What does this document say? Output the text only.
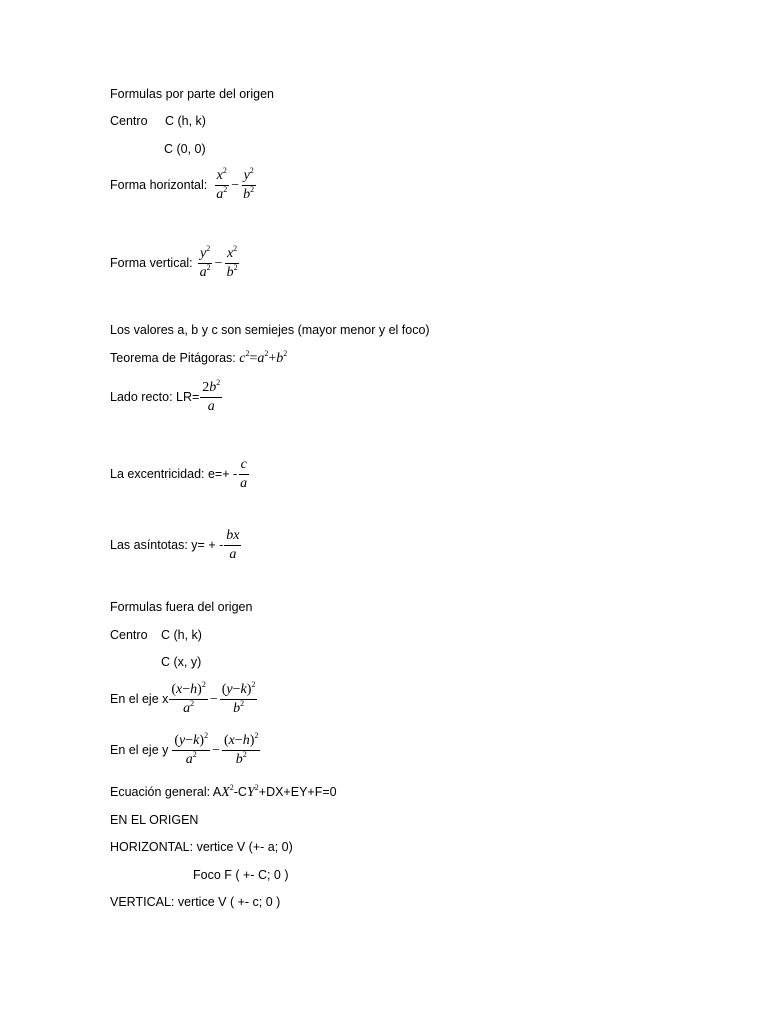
Formulas por parte del origen
Centro C (h, k)
C (0, 0)
Forma horizontal: $\frac{x^2}{a^2} - \frac{y^2}{b^2}$
Forma vertical: $\frac{y^2}{a^2} - \frac{x^2}{b^2}$
Los valores a, b y c son semiejes (mayor menor y el foco)
Teorema de Pitágoras: $c^2=a^2+b^2$
Lado recto: $LR= \frac{2b^2}{a}$
La excentricidad: $e=+ - \frac{c}{a}$
Las asíntotas: y= + - $\frac{bx}{a}$
Formulas fuera del origen
Centro C (h, k)
C (x, y)
En el eje x $\frac{(x-h)^2}{a^2} - \frac{(y-k)^2}{b^2}$
En el eje y $\frac{(y-k)^2}{a^2} - \frac{(x-h)^2}{b^2}$
Ecuación general: $AX^2-CY^2+DX+EY+F=0$
EN EL ORIGEN
HORIZONTAL: vertice V (+- a; 0)
Foco F ( +- C; 0 )
VERTICAL: vertice V ( +- c; 0 )
